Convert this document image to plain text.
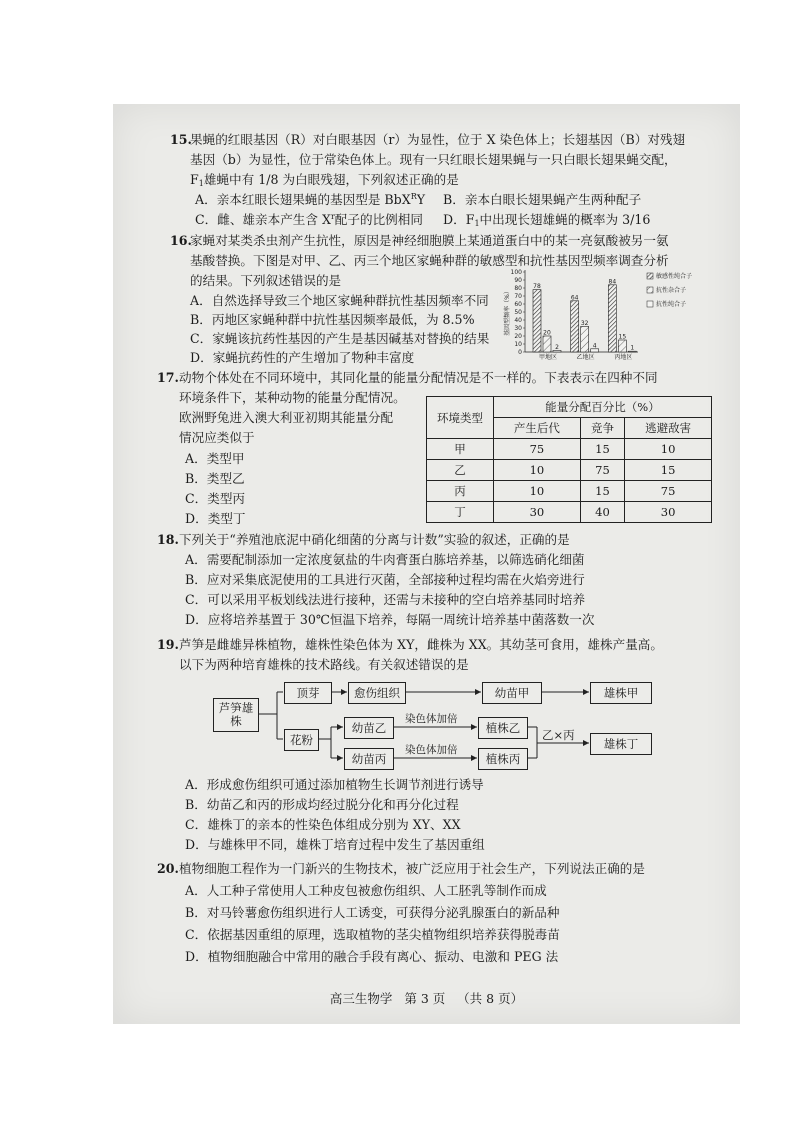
15.
果蝇的红眼基因（R）对白眼基因（r）为显性，位于 X 染色体上；长翅基因（B）对残翅
基因（b）为显性，位于常染色体上。现有一只红眼长翅果蝇与一只白眼长翅果蝇交配，
$F_1$雄蝇中有 1/8 为白眼残翅，下列叙述正确的是
A．亲本红眼长翅果蝇的基因型是 BbX$^R$Y B．亲本白眼长翅果蝇产生两种配子
C．雌、雄亲本产生含 $X^r$配子的比例相同 D．$F_1$中出现长翅雄蝇的概率为 3/16
16.
家蝇对某类杀虫剂产生抗性，原因是神经细胞膜上某通道蛋白中的某一亮氨酸被另一氨
基酸替换。下图是对甲、乙、丙三个地区家蝇种群的敏感型和抗性基因型频率调查分析
的结果。下列叙述错误的是
A．自然选择导致三个地区家蝇种群抗性基因频率不同
B．丙地区家蝇种群中抗性基因频率最低，为 8.5%
C．家蝇该抗药性基因的产生是基因碱基对替换的结果
D．家蝇抗药性的产生增加了物种丰富度	0
10
20
30
40
50
60
70
80
90
100
基因型频率（%）
78
20
2
甲地区
64
32
4
乙地区
84
15
1
丙地区
敏感性纯合子
抗性杂合子
抗性纯合子
17. 动物个体处在不同环境中，其同化量的能量分配情况是不一样的。下表表示在四种不同
环境条件下，某种动物的能量分配情况。
欧洲野兔进入澳大利亚初期其能量分配
情况应类似于
A．类型甲
B．类型乙
C．类型丙
D．类型丁
环境类型	能量分配百分比（%）		
	产生后代	竞争	逃避敌害
甲	75	15	10
乙	10	75	15
丙	10	15	75
丁	30	40	30
18. 下列关于“养殖池底泥中硝化细菌的分离与计数”实验的叙述，正确的是
A．需要配制添加一定浓度氨盐的牛肉膏蛋白胨培养基，以筛选硝化细菌
B．应对采集底泥使用的工具进行灭菌，全部接种过程均需在火焰旁进行
C．可以采用平板划线法进行接种，还需与未接种的空白培养基同时培养
D．应将培养基置于 30℃恒温下培养，每隔一周统计培养基中菌落数一次
19. 芦笋是雌雄异株植物，雄株性染色体为 XY，雌株为 XX。其幼茎可食用，雄株产量高。
以下为两种培育雄株的技术路线。有关叙述错误的是
芦笋雄株
顶芽	愈伤组织	幼苗甲	雄株甲
花粉
幼苗乙
幼苗丙
植株乙
植株丙
雄株丁
染色体加倍
染色体加倍
乙×丙
A．形成愈伤组织可通过添加植物生长调节剂进行诱导
B．幼苗乙和丙的形成均经过脱分化和再分化过程
C．雄株丁的亲本的性染色体组成分别为 XY、XX
D．与雄株甲不同，雄株丁培育过程中发生了基因重组
20. 植物细胞工程作为一门新兴的生物技术，被广泛应用于社会生产，下列说法正确的是
A．人工种子常使用人工种皮包被愈伤组织、人工胚乳等制作而成
B．对马铃薯愈伤组织进行人工诱变，可获得分泌乳腺蛋白的新品种
C．依据基因重组的原理，选取植物的茎尖植物组织培养获得脱毒苗
D．植物细胞融合中常用的融合手段有离心、振动、电激和 PEG 法
高三生物学 第 3 页 （共 8 页）
